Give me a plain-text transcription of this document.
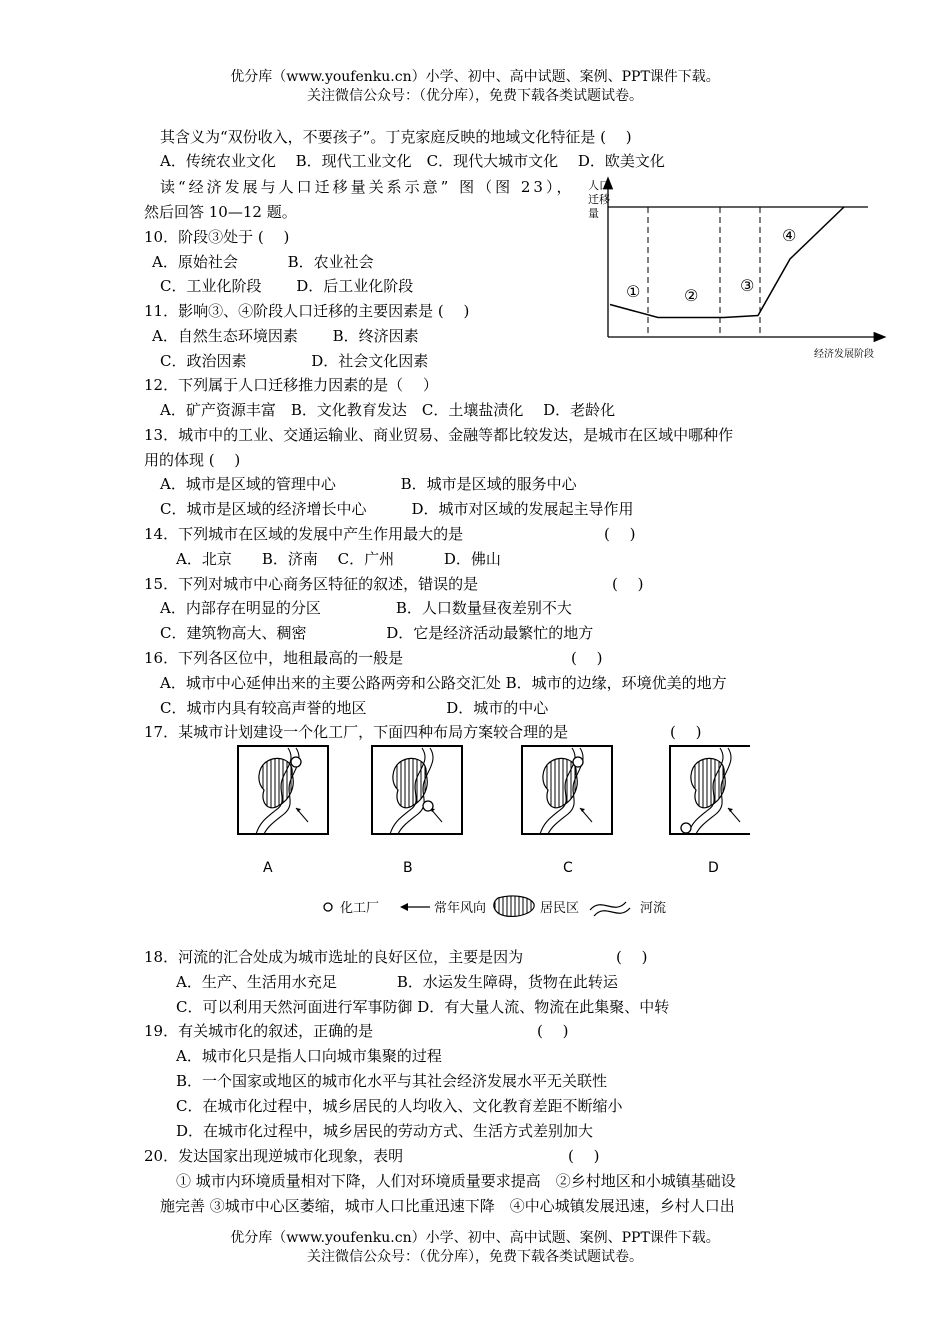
优分库（www.youfenku.cn）小学、初中、高中试题、案例、PPT课件下载。
关注微信公众号：（优分库），免费下载各类试题试卷。
其含义为“双份收入，不要孩子”。丁克家庭反映的地域文化特征是 (　 )
A．传统农业文化　 B．现代工业文化　C．现代大城市文化　 D．欧美文化
读“经济发展与人口迁移量关系示意” 图（图 23），
然后回答 10—12 题。
10．阶段③处于 (　 )
A．原始社会　　　 B．农业社会
C．工业化阶段　　 D．后工业化阶段
11．影响③、④阶段人口迁移的主要因素是 (　 )
A．自然生态环境因素　　 B．终济因素
C．政治因素　　　　 D．社会文化因素
12．下列属于人口迁移推力因素的是（　 ）
A．矿产资源丰富　B．文化教育发达　C．土壤盐渍化　 D．老龄化
人口
迁移
量
①	②
③
④
经济发展阶段
13．城市中的工业、交通运输业、商业贸易、金融等都比较发达，是城市在区域中哪种作
用的体现 (　 )
A．城市是区域的管理中心　　　　 B．城市是区域的服务中心
C．城市是区域的经济增长中心　　　D．城市对区域的发展起主导作用
14．下列城市在区域的发展中产生作用最大的是	(　 )
A．北京　　B．济南　 C．广州　　　 D．佛山
15．下列对城市中心商务区特征的叙述，错误的是	(　 )
A．内部存在明显的分区　　　　　B．人口数量昼夜差别不大
C．建筑物高大、稠密　　　　　 D．它是经济活动最繁忙的地方
16．下列各区位中，地租最高的一般是	(　 )
A．城市中心延伸出来的主要公路两旁和公路交汇处 B．城市的边缘，环境优美的地方
C．城市内具有较高声誉的地区　　　　　 D．城市的中心
17．某城市计划建设一个化工厂，下面四种布局方案较合理的是	(　 )
A	B	C	D
化工厂	常年风向	居民区	河流
18．河流的汇合处成为城市选址的良好区位，主要是因为	(　 )
A．生产、生活用水充足　　　　B．水运发生障碍，货物在此转运
C．可以利用天然河面进行军事防御 D．有大量人流、物流在此集聚、中转
19．有关城市化的叙述，正确的是	(　 )
A．城市化只是指人口向城市集聚的过程
B．一个国家或地区的城市化水平与其社会经济发展水平无关联性
C．在城市化过程中，城乡居民的人均收入、文化教育差距不断缩小
D．在城市化过程中，城乡居民的劳动方式、生活方式差别加大
20．发达国家出现逆城市化现象，表明	(　 )
① 城市内环境质量相对下降，人们对环境质量要求提高　②乡村地区和小城镇基础设
施完善 ③城市中心区萎缩，城市人口比重迅速下降　④中心城镇发展迅速，乡村人口出
优分库（www.youfenku.cn）小学、初中、高中试题、案例、PPT课件下载。
关注微信公众号：（优分库），免费下载各类试题试卷。
